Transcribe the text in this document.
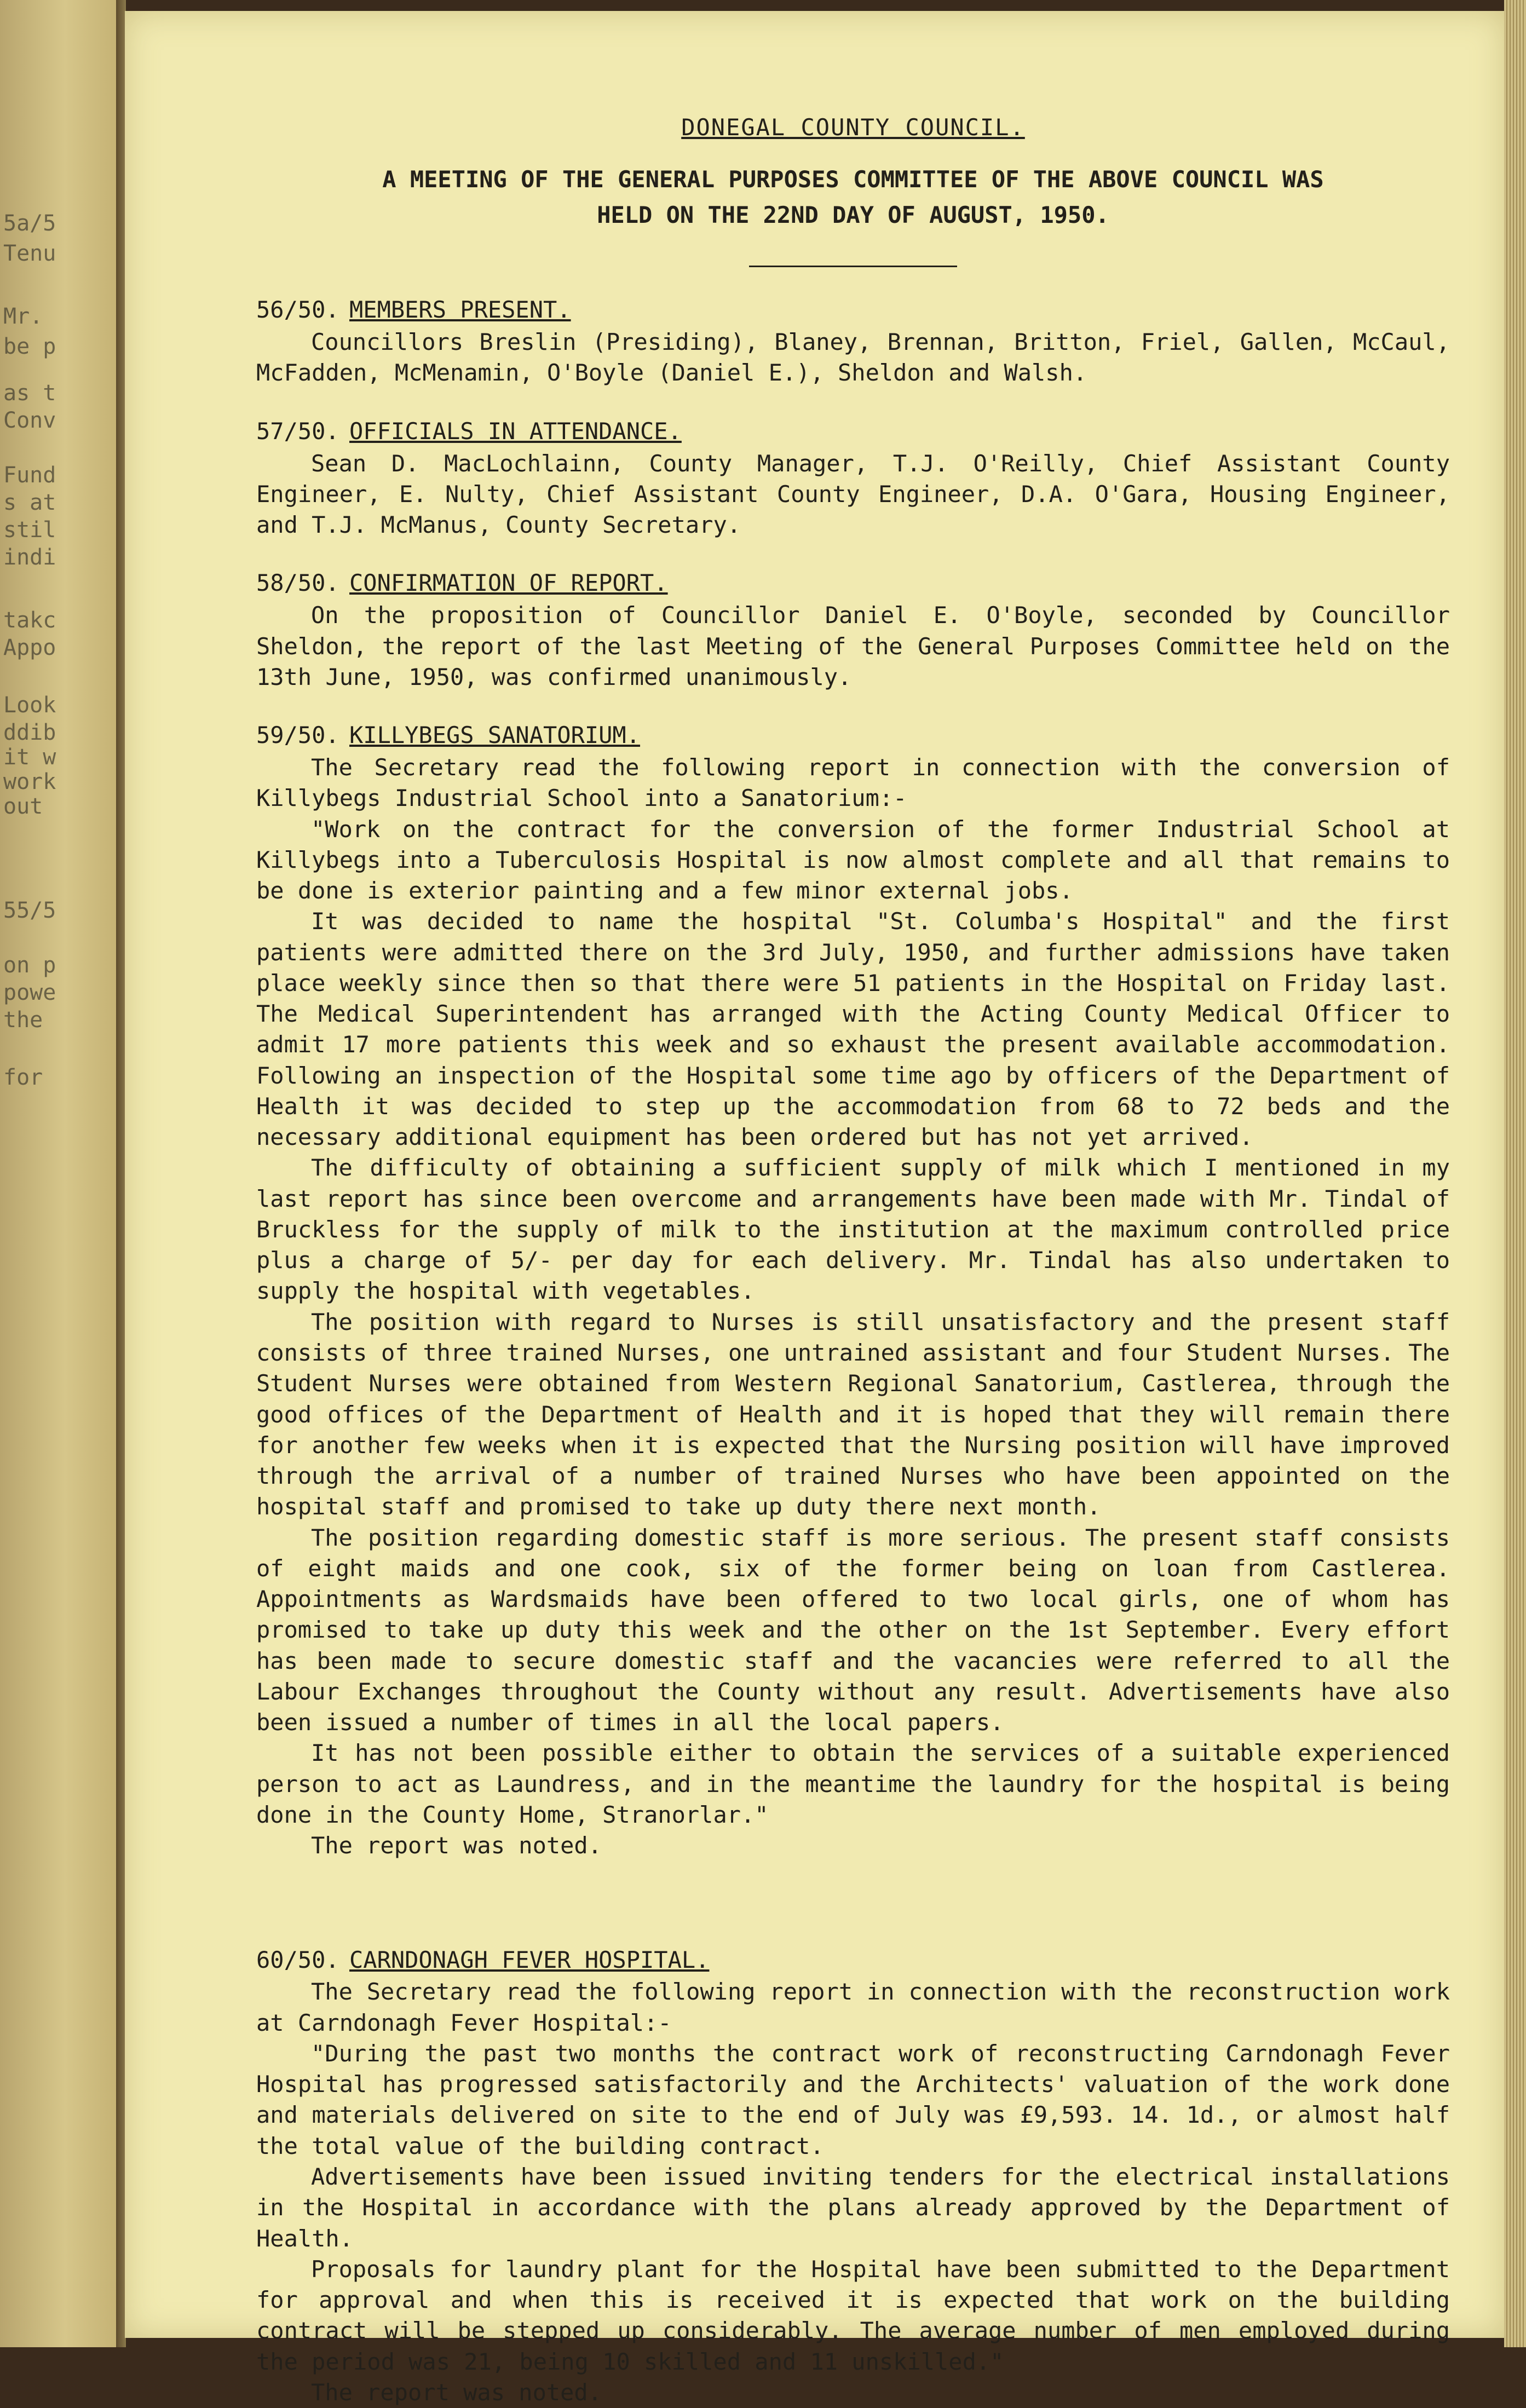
5a/5
Tenu
Mr.
be p
as t
Conv
Fund
s at
stil
indi
takc
Appo
Look
ddib
it w
work
out
55/5
on p
powe
the
for
DONEGAL COUNTY COUNCIL.
A MEETING OF THE GENERAL PURPOSES COMMITTEE OF THE ABOVE COUNCIL WAS
HELD ON THE 22ND DAY OF AUGUST, 1950.
56/50. MEMBERS PRESENT.

Councillors Breslin (Presiding), Blaney, Brennan, Britton, Friel, Gallen, McCaul, McFadden, McMenamin, O'Boyle (Daniel E.), Sheldon and Walsh.

57/50. OFFICIALS IN ATTENDANCE.

Sean D. MacLochlainn, County Manager, T.J. O'Reilly, Chief Assistant County Engineer, E. Nulty, Chief Assistant County Engineer, D.A. O'Gara, Housing Engineer, and T.J. McManus, County Secretary.

58/50. CONFIRMATION OF REPORT.

On the proposition of Councillor Daniel E. O'Boyle, seconded by Councillor Sheldon, the report of the last Meeting of the General Purposes Committee held on the 13th June, 1950, was confirmed unanimously.

59/50. KILLYBEGS SANATORIUM.

The Secretary read the following report in connection with the conversion of Killybegs Industrial School into a Sanatorium:-

"Work on the contract for the conversion of the former Industrial School at Killybegs into a Tuberculosis Hospital is now almost complete and all that remains to be done is exterior painting and a few minor external jobs.

It was decided to name the hospital "St. Columba's Hospital" and the first patients were admitted there on the 3rd July, 1950, and further admissions have taken place weekly since then so that there were 51 patients in the Hospital on Friday last. The Medical Superintendent has arranged with the Acting County Medical Officer to admit 17 more patients this week and so exhaust the present available accommodation. Following an inspection of the Hospital some time ago by officers of the Department of Health it was decided to step up the accommodation from 68 to 72 beds and the necessary additional equipment has been ordered but has not yet arrived.

The difficulty of obtaining a sufficient supply of milk which I mentioned in my last report has since been overcome and arrangements have been made with Mr. Tindal of Bruckless for the supply of milk to the institution at the maximum controlled price plus a charge of 5/- per day for each delivery. Mr. Tindal has also undertaken to supply the hospital with vegetables.

The position with regard to Nurses is still unsatisfactory and the present staff consists of three trained Nurses, one untrained assistant and four Student Nurses. The Student Nurses were obtained from Western Regional Sanatorium, Castlerea, through the good offices of the Department of Health and it is hoped that they will remain there for another few weeks when it is expected that the Nursing position will have improved through the arrival of a number of trained Nurses who have been appointed on the hospital staff and promised to take up duty there next month.

The position regarding domestic staff is more serious. The present staff consists of eight maids and one cook, six of the former being on loan from Castlerea. Appointments as Wardsmaids have been offered to two local girls, one of whom has promised to take up duty this week and the other on the 1st September. Every effort has been made to secure domestic staff and the vacancies were referred to all the Labour Exchanges throughout the County without any result. Advertisements have also been issued a number of times in all the local papers.

It has not been possible either to obtain the services of a suitable experienced person to act as Laundress, and in the meantime the laundry for the hospital is being done in the County Home, Stranorlar."

The report was noted.

60/50. CARNDONAGH FEVER HOSPITAL.

The Secretary read the following report in connection with the reconstruction work at Carndonagh Fever Hospital:-

"During the past two months the contract work of reconstructing Carndonagh Fever Hospital has progressed satisfactorily and the Architects' valuation of the work done and materials delivered on site to the end of July was £9,593. 14. 1d., or almost half the total value of the building contract.

Advertisements have been issued inviting tenders for the electrical installations in the Hospital in accordance with the plans already approved by the Department of Health.

Proposals for laundry plant for the Hospital have been submitted to the Department for approval and when this is received it is expected that work on the building contract will be stepped up considerably. The average number of men employed during the period was 21, being 10 skilled and 11 unskilled."

The report was noted.
